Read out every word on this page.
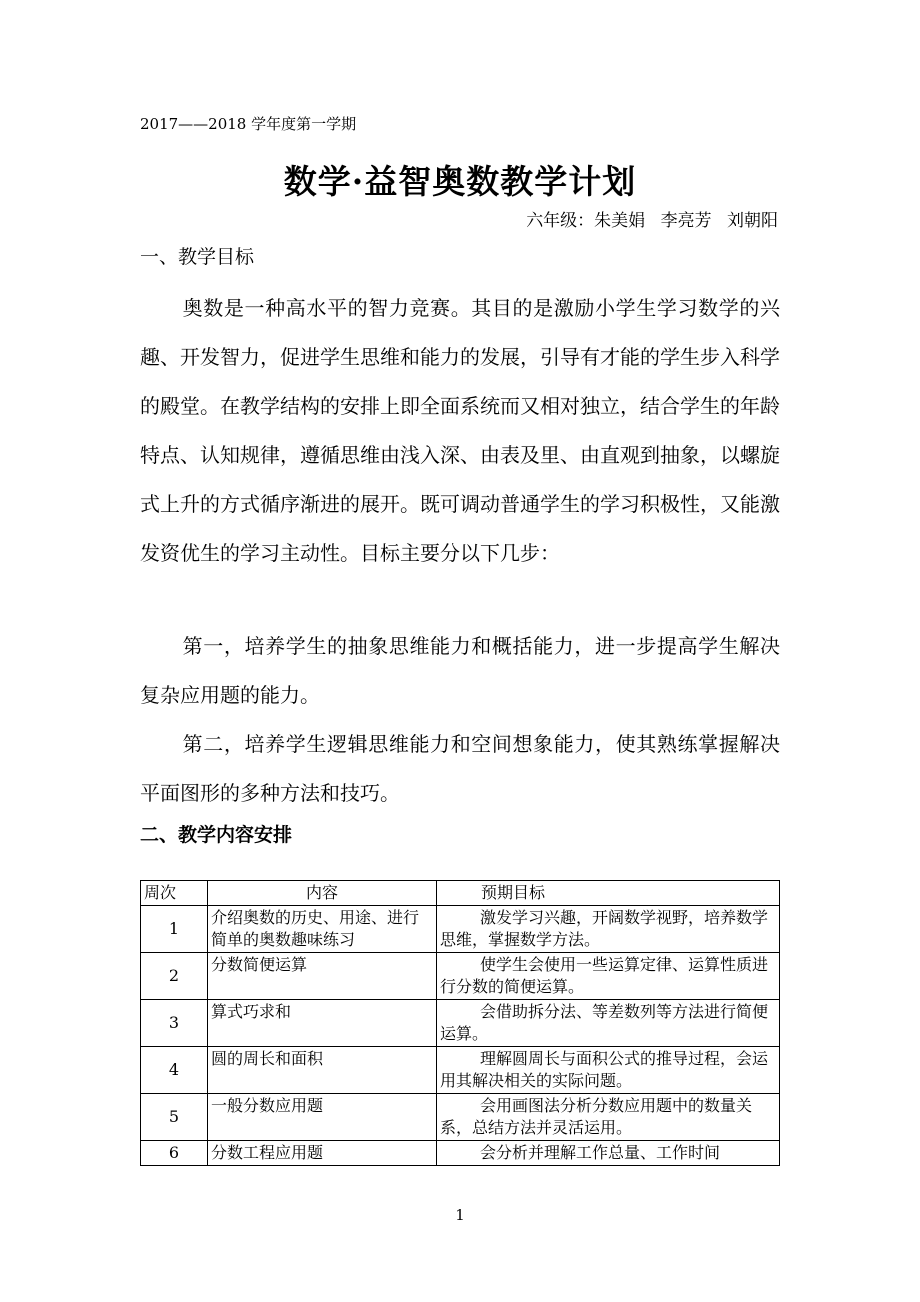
2017——2018 学年度第一学期
数学·益智奥数教学计划
六年级：朱美娟 李亮芳 刘朝阳
一、教学目标
奥数是一种高水平的智力竞赛。其目的是激励小学生学习数学的兴趣、开发智力，促进学生思维和能力的发展，引导有才能的学生步入科学的殿堂。在教学结构的安排上即全面系统而又相对独立，结合学生的年龄特点、认知规律，遵循思维由浅入深、由表及里、由直观到抽象，以螺旋式上升的方式循序渐进的展开。既可调动普通学生的学习积极性，又能激发资优生的学习主动性。目标主要分以下几步：
第一，培养学生的抽象思维能力和概括能力，进一步提高学生解决复杂应用题的能力。
第二，培养学生逻辑思维能力和空间想象能力，使其熟练掌握解决平面图形的多种方法和技巧。
二、教学内容安排
周次	内容	预期目标
1	介绍奥数的历史、用途、进行简单的奥数趣味练习	激发学习兴趣，开阔数学视野，培养数学思维，掌握数学方法。
2	分数简便运算	使学生会使用一些运算定律、运算性质进行分数的简便运算。
3	算式巧求和	会借助拆分法、等差数列等方法进行简便运算。
4	圆的周长和面积	理解圆周长与面积公式的推导过程，会运用其解决相关的实际问题。
5	一般分数应用题	会用画图法分析分数应用题中的数量关系，总结方法并灵活运用。
6	分数工程应用题	会分析并理解工作总量、工作时间
1
